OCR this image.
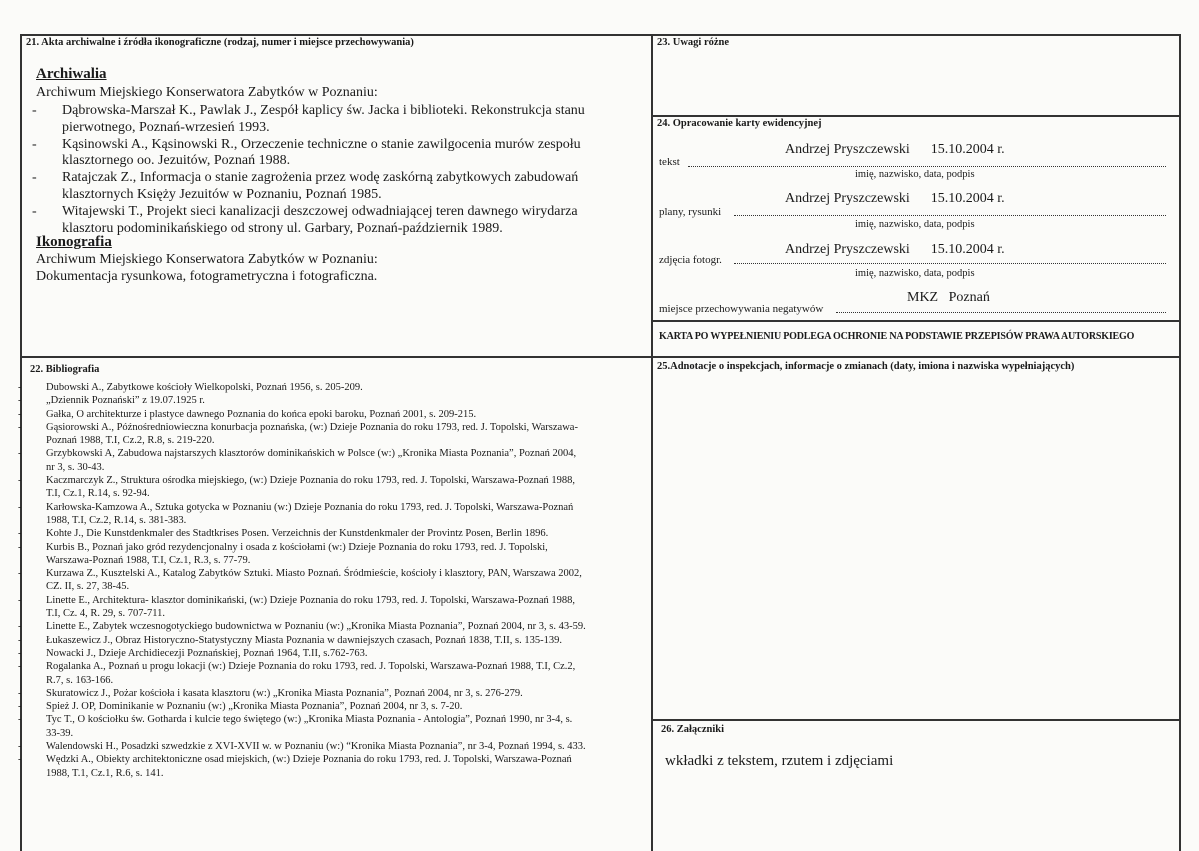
21. Akta archiwalne i źródła ikonograficzne (rodzaj, numer i miejsce przechowywania)
Archiwalia
Archiwum Miejskiego Konserwatora Zabytków w Poznaniu:
- Dąbrowska-Marszał K., Pawlak J., Zespół kaplicy św. Jacka i biblioteki. Rekonstrukcja stanu
pierwotnego, Poznań-wrzesień 1993.
- Kąsinowski A., Kąsinowski R., Orzeczenie techniczne o stanie zawilgocenia murów zespołu
klasztornego oo. Jezuitów, Poznań 1988.
- Ratajczak Z., Informacja o stanie zagrożenia przez wodę zaskórną zabytkowych zabudowań
klasztornych Księży Jezuitów w Poznaniu, Poznań 1985.
- Witajewski T., Projekt sieci kanalizacji deszczowej odwadniającej teren dawnego wirydarza
klasztoru podominikańskiego od strony ul. Garbary, Poznań-październik 1989.
Ikonografia
Archiwum Miejskiego Konserwatora Zabytków w Poznaniu:
Dokumentacja rysunkowa, fotogrametryczna i fotograficzna.
22. Bibliografia
- Dubowski A., Zabytkowe kościoły Wielkopolski, Poznań 1956, s. 205-209.
- „Dziennik Poznański” z 19.07.1925 r.
- Gałka, O architekturze i plastyce dawnego Poznania do końca epoki baroku, Poznań 2001, s. 209-215.
- Gąsiorowski A., Późnośredniowieczna konurbacja poznańska, (w:) Dzieje Poznania do roku 1793, red. J. Topolski, Warszawa-
Poznań 1988, T.I, Cz.2, R.8, s. 219-220.
- Grzybkowski A, Zabudowa najstarszych klasztorów dominikańskich w Polsce (w:) „Kronika Miasta Poznania”, Poznań 2004,
nr 3, s. 30-43.
- Kaczmarczyk Z., Struktura ośrodka miejskiego, (w:) Dzieje Poznania do roku 1793, red. J. Topolski, Warszawa-Poznań 1988,
T.I, Cz.1, R.14, s. 92-94.
- Karłowska-Kamzowa A., Sztuka gotycka w Poznaniu (w:) Dzieje Poznania do roku 1793, red. J. Topolski, Warszawa-Poznań
1988, T.I, Cz.2, R.14, s. 381-383.
- Kohte J., Die Kunstdenkmaler des Stadtkrises Posen. Verzeichnis der Kunstdenkmaler der Provintz Posen, Berlin 1896.
- Kurbis B., Poznań jako gród rezydencjonalny i osada z kościołami (w:) Dzieje Poznania do roku 1793, red. J. Topolski,
Warszawa-Poznań 1988, T.I, Cz.1, R.3, s. 77-79.
- Kurzawa Z., Kusztelski A., Katalog Zabytków Sztuki. Miasto Poznań. Śródmieście, kościoły i klasztory, PAN, Warszawa 2002,
CZ. II, s. 27, 38-45.
- Linette E., Architektura- klasztor dominikański, (w:) Dzieje Poznania do roku 1793, red. J. Topolski, Warszawa-Poznań 1988,
T.I, Cz. 4, R. 29, s. 707-711.
- Linette E., Zabytek wczesnogotyckiego budownictwa w Poznaniu (w:) „Kronika Miasta Poznania”, Poznań 2004, nr 3, s. 43-59.
- Łukaszewicz J., Obraz Historyczno-Statystyczny Miasta Poznania w dawniejszych czasach, Poznań 1838, T.II, s. 135-139.
- Nowacki J., Dzieje Archidiecezji Poznańskiej, Poznań 1964, T.II, s.762-763.
- Rogalanka A., Poznań u progu lokacji (w:) Dzieje Poznania do roku 1793, red. J. Topolski, Warszawa-Poznań 1988, T.I, Cz.2,
R.7, s. 163-166.
- Skuratowicz J., Pożar kościoła i kasata klasztoru (w:) „Kronika Miasta Poznania”, Poznań 2004, nr 3, s. 276-279.
- Spież J. OP, Dominikanie w Poznaniu (w:) „Kronika Miasta Poznania”, Poznań 2004, nr 3, s. 7-20.
- Tyc T., O kościołku św. Gotharda i kulcie tego świętego (w:) „Kronika Miasta Poznania - Antologia”, Poznań 1990, nr 3-4, s.
33-39.
- Walendowski H., Posadzki szwedzkie z XVI-XVII w. w Poznaniu (w:) “Kronika Miasta Poznania”, nr 3-4, Poznań 1994, s. 433.
- Wędzki A., Obiekty architektoniczne osad miejskich, (w:) Dzieje Poznania do roku 1793, red. J. Topolski, Warszawa-Poznań
1988, T.1, Cz.1, R.6, s. 141.
23. Uwagi różne
24. Opracowanie karty ewidencyjnej
tekst
Andrzej Pryszczewski      15.10.2004 r.
imię, nazwisko, data, podpis
plany, rysunki
Andrzej Pryszczewski      15.10.2004 r.
imię, nazwisko, data, podpis
zdjęcia fotogr.
Andrzej Pryszczewski      15.10.2004 r.
imię, nazwisko, data, podpis
miejsce przechowywania negatywów
MKZ   Poznań
KARTA PO WYPEŁNIENIU PODLEGA OCHRONIE NA PODSTAWIE PRZEPISÓW PRAWA AUTORSKIEGO
25.Adnotacje o inspekcjach, informacje o zmianach (daty, imiona i nazwiska wypełniających)
26. Załączniki
wkładki z tekstem, rzutem i zdjęciami
